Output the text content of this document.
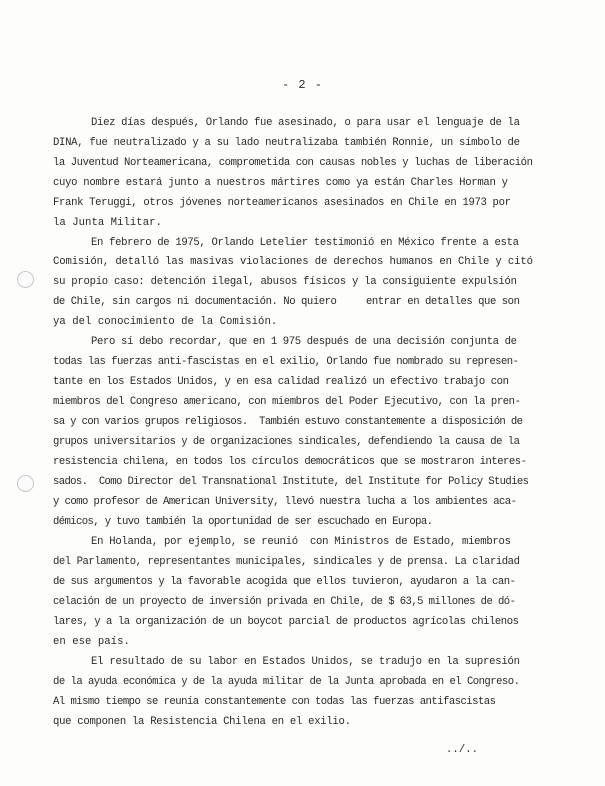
- 2 -
Diez días después, Orlando fue asesinado, o para usar el lenguaje de la
DINA, fue neutralizado y a su lado neutralizaba también Ronnie, un símbolo de
la Juventud Norteamericana, comprometida con causas nobles y luchas de liberación
cuyo nombre estará junto a nuestros mártires como ya están Charles Horman y
Frank Teruggi, otros jóvenes norteamericanos asesinados en Chile en 1973 por
la Junta Militar.
En febrero de 1975, Orlando Letelier testimonió en México frente a esta
Comisión, detalló las masivas violaciones de derechos humanos en Chile y citó
su propio caso: detención ilegal, abusos físicos y la consiguiente expulsión
de Chile, sin cargos ni documentación. No quiero     entrar en detalles que son
ya del conocimiento de la Comisión.
Pero sí debo recordar, que en 1 975 después de una decisión conjunta de
todas las fuerzas anti-fascistas en el exilio, Orlando fue nombrado su represen-
tante en los Estados Unidos, y en esa calidad realizó un efectivo trabajo con
miembros del Congreso americano, con miembros del Poder Ejecutivo, con la pren-
sa y con varios grupos religiosos.  También estuvo constantemente a disposición de
grupos universitarios y de organizaciones sindicales, defendiendo la causa de la
resistencia chilena, en todos los círculos democráticos que se mostraron interes-
sados.  Como Director del Transnational Institute, del Institute for Policy Studies
y como profesor de American University, llevó nuestra lucha a los ambientes aca-
démicos, y tuvo también la oportunidad de ser escuchado en Europa.
En Holanda, por ejemplo, se reunió  con Ministros de Estado, miembros
del Parlamento, representantes municipales, sindicales y de prensa. La claridad
de sus argumentos y la favorable acogida que ellos tuvieron, ayudaron a la can-
celación de un proyecto de inversión privada en Chile, de $ 63,5 millones de dó-
lares, y a la organización de un boycot parcial de productos agrícolas chilenos
en ese país.
El resultado de su labor en Estados Unidos, se tradujo en la supresión
de la ayuda económica y de la ayuda militar de la Junta aprobada en el Congreso.
Al mismo tiempo se reunía constantemente con todas las fuerzas antifascistas
que componen la Resistencia Chilena en el exilio.
../..
